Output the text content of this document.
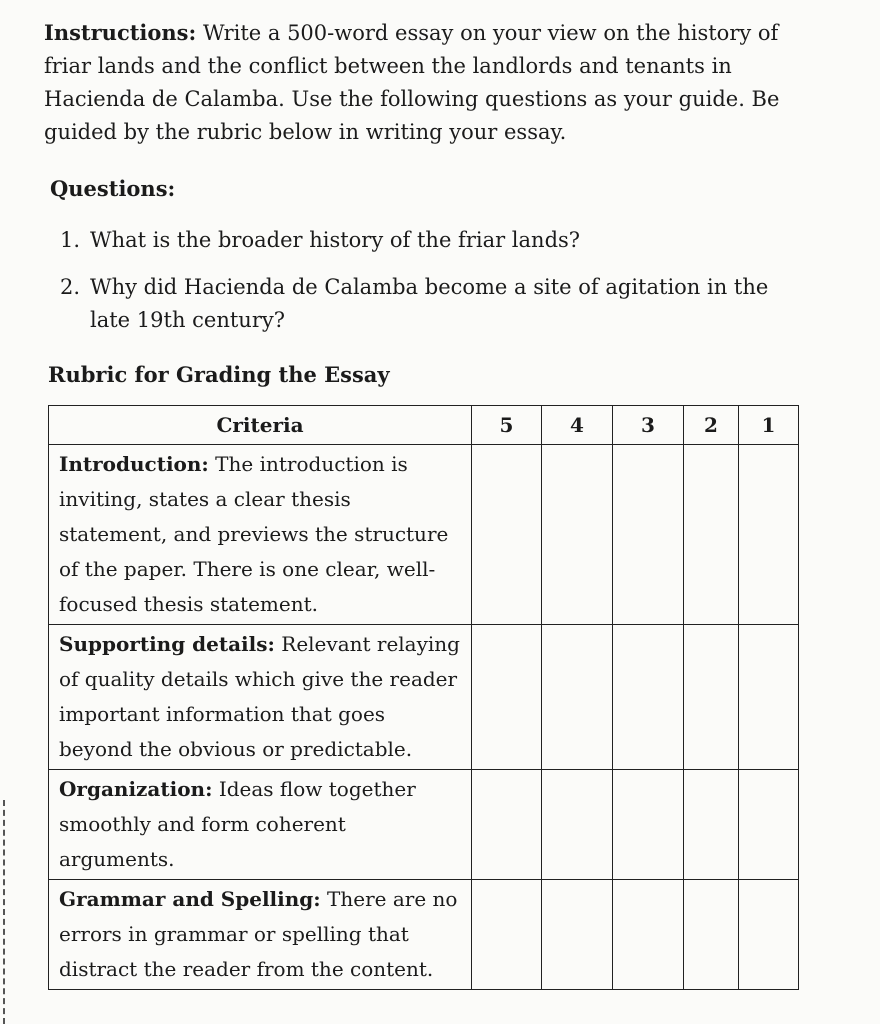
Instructions: Write a 500-word essay on your view on the history of friar lands and the conflict between the landlords and tenants in Hacienda de Calamba. Use the following questions as your guide. Be guided by the rubric below in writing your essay.

Questions:

1. What is the broader history of the friar lands?
2. Why did Hacienda de Calamba become a site of agitation in the late 19th century?

Rubric for Grading the Essay

Criteria	5	4	3	2	1
Introduction: The introduction is inviting, states a clear thesis statement, and previews the structure of the paper. There is one clear, well-focused thesis statement.					
Supporting details: Relevant relaying of quality details which give the reader important information that goes beyond the obvious or predictable.					
Organization: Ideas flow together smoothly and form coherent arguments.					
Grammar and Spelling: There are no errors in grammar or spelling that distract the reader from the content.					
